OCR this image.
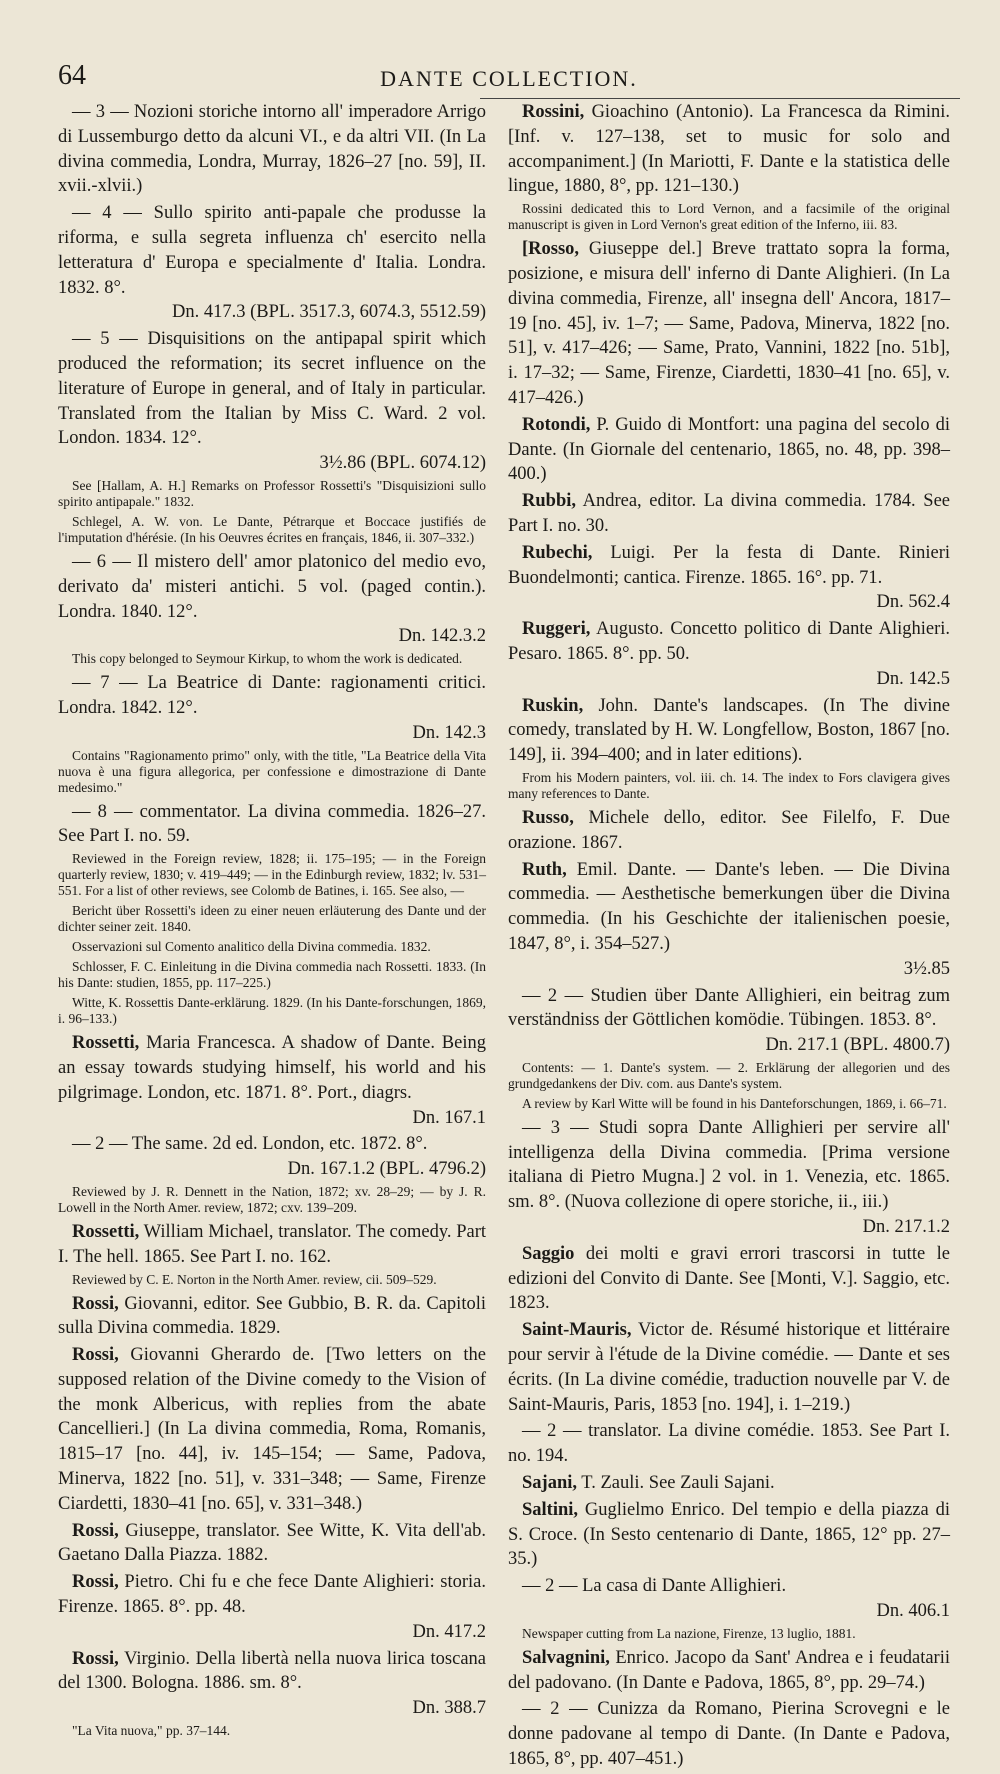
64	DANTE COLLECTION.

— 3 — Nozioni storiche intorno all' imperadore Arrigo di Lussemburgo detto da alcuni VI., e da altri VII. (In La divina commedia, Londra, Murray, 1826–27 [no. 59], II. xvii.-xlvii.)

— 4 — Sullo spirito anti-papale che produsse la riforma, e sulla segreta influenza ch' esercito nella letteratura d' Europa e specialmente d' Italia. Londra. 1832. 8°.

Dn. 417.3 (BPL. 3517.3, 6074.3, 5512.59)

— 5 — Disquisitions on the antipapal spirit which produced the reformation; its secret influence on the literature of Europe in general, and of Italy in particular. Translated from the Italian by Miss C. Ward. 2 vol. London. 1834. 12°.

3½.86 (BPL. 6074.12)

See [Hallam, A. H.] Remarks on Professor Rossetti's "Disquisizioni sullo spirito antipapale." 1832.

Schlegel, A. W. von. Le Dante, Pétrarque et Boccace justifiés de l'imputation d'hérésie. (In his Oeuvres écrites en français, 1846, ii. 307–332.)

— 6 — Il mistero dell' amor platonico del medio evo, derivato da' misteri antichi. 5 vol. (paged contin.). Londra. 1840. 12°.

Dn. 142.3.2

This copy belonged to Seymour Kirkup, to whom the work is dedicated.

— 7 — La Beatrice di Dante: ragionamenti critici. Londra. 1842. 12°.

Dn. 142.3

Contains "Ragionamento primo" only, with the title, "La Beatrice della Vita nuova è una figura allegorica, per confessione e dimostrazione di Dante medesimo."

— 8 — commentator. La divina commedia. 1826–27. See Part I. no. 59.

Reviewed in the Foreign review, 1828; ii. 175–195; — in the Foreign quarterly review, 1830; v. 419–449; — in the Edinburgh review, 1832; lv. 531–551. For a list of other reviews, see Colomb de Batines, i. 165. See also, —

Bericht über Rossetti's ideen zu einer neuen erläuterung des Dante und der dichter seiner zeit. 1840.

Osservazioni sul Comento analitico della Divina commedia. 1832.

Schlosser, F. C. Einleitung in die Divina commedia nach Rossetti. 1833. (In his Dante: studien, 1855, pp. 117–225.)

Witte, K. Rossettis Dante-erklärung. 1829. (In his Dante-forschungen, 1869, i. 96–133.)

Rossetti, Maria Francesca. A shadow of Dante. Being an essay towards studying himself, his world and his pilgrimage. London, etc. 1871. 8°. Port., diagrs.

Dn. 167.1

— 2 — The same. 2d ed. London, etc. 1872. 8°.

Dn. 167.1.2 (BPL. 4796.2)

Reviewed by J. R. Dennett in the Nation, 1872; xv. 28–29; — by J. R. Lowell in the North Amer. review, 1872; cxv. 139–209.

Rossetti, William Michael, translator. The comedy. Part I. The hell. 1865. See Part I. no. 162.

Reviewed by C. E. Norton in the North Amer. review, cii. 509–529.

Rossi, Giovanni, editor. See Gubbio, B. R. da. Capitoli sulla Divina commedia. 1829.

Rossi, Giovanni Gherardo de. [Two letters on the supposed relation of the Divine comedy to the Vision of the monk Albericus, with replies from the abate Cancellieri.] (In La divina commedia, Roma, Romanis, 1815–17 [no. 44], iv. 145–154; — Same, Padova, Minerva, 1822 [no. 51], v. 331–348; — Same, Firenze Ciardetti, 1830–41 [no. 65], v. 331–348.)

Rossi, Giuseppe, translator. See Witte, K. Vita dell'ab. Gaetano Dalla Piazza. 1882.

Rossi, Pietro. Chi fu e che fece Dante Alighieri: storia. Firenze. 1865. 8°. pp. 48.

Dn. 417.2

Rossi, Virginio. Della libertà nella nuova lirica toscana del 1300. Bologna. 1886. sm. 8°.

Dn. 388.7

"La Vita nuova," pp. 37–144.

Rossini, Gioachino (Antonio). La Francesca da Rimini. [Inf. v. 127–138, set to music for solo and accompaniment.] (In Mariotti, F. Dante e la statistica delle lingue, 1880, 8°, pp. 121–130.)

Rossini dedicated this to Lord Vernon, and a facsimile of the original manuscript is given in Lord Vernon's great edition of the Inferno, iii. 83.

[Rosso, Giuseppe del.] Breve trattato sopra la forma, posizione, e misura dell' inferno di Dante Alighieri. (In La divina commedia, Firenze, all' insegna dell' Ancora, 1817–19 [no. 45], iv. 1–7; — Same, Padova, Minerva, 1822 [no. 51], v. 417–426; — Same, Prato, Vannini, 1822 [no. 51b], i. 17–32; — Same, Firenze, Ciardetti, 1830–41 [no. 65], v. 417–426.)

Rotondi, P. Guido di Montfort: una pagina del secolo di Dante. (In Giornale del centenario, 1865, no. 48, pp. 398–400.)

Rubbi, Andrea, editor. La divina commedia. 1784. See Part I. no. 30.

Rubechi, Luigi. Per la festa di Dante. Rinieri Buondelmonti; cantica. Firenze. 1865. 16°. pp. 71.

Dn. 562.4

Ruggeri, Augusto. Concetto politico di Dante Alighieri. Pesaro. 1865. 8°. pp. 50.

Dn. 142.5

Ruskin, John. Dante's landscapes. (In The divine comedy, translated by H. W. Longfellow, Boston, 1867 [no. 149], ii. 394–400; and in later editions).

From his Modern painters, vol. iii. ch. 14. The index to Fors clavigera gives many references to Dante.

Russo, Michele dello, editor. See Filelfo, F. Due orazione. 1867.

Ruth, Emil. Dante. — Dante's leben. — Die Divina commedia. — Aesthetische bemerkungen über die Divina commedia. (In his Geschichte der italienischen poesie, 1847, 8°, i. 354–527.)

3½.85

— 2 — Studien über Dante Allighieri, ein beitrag zum verständniss der Göttlichen komödie. Tübingen. 1853. 8°.

Dn. 217.1 (BPL. 4800.7)

Contents: — 1. Dante's system. — 2. Erklärung der allegorien und des grundgedankens der Div. com. aus Dante's system.

A review by Karl Witte will be found in his Danteforschungen, 1869, i. 66–71.

— 3 — Studi sopra Dante Allighieri per servire all' intelligenza della Divina commedia. [Prima versione italiana di Pietro Mugna.] 2 vol. in 1. Venezia, etc. 1865. sm. 8°. (Nuova collezione di opere storiche, ii., iii.)

Dn. 217.1.2

Saggio dei molti e gravi errori trascorsi in tutte le edizioni del Convito di Dante. See [Monti, V.]. Saggio, etc. 1823.

Saint-Mauris, Victor de. Résumé historique et littéraire pour servir à l'étude de la Divine comédie. — Dante et ses écrits. (In La divine comédie, traduction nouvelle par V. de Saint-Mauris, Paris, 1853 [no. 194], i. 1–219.)

— 2 — translator. La divine comédie. 1853. See Part I. no. 194.

Sajani, T. Zauli. See Zauli Sajani.

Saltini, Guglielmo Enrico. Del tempio e della piazza di S. Croce. (In Sesto centenario di Dante, 1865, 12° pp. 27–35.)

— 2 — La casa di Dante Allighieri.

Dn. 406.1

Newspaper cutting from La nazione, Firenze, 13 luglio, 1881.

Salvagnini, Enrico. Jacopo da Sant' Andrea e i feudatarii del padovano. (In Dante e Padova, 1865, 8°, pp. 29–74.)

— 2 — Cunizza da Romano, Pierina Scrovegni e le donne padovane al tempo di Dante. (In Dante e Padova, 1865, 8°, pp. 407–451.)
